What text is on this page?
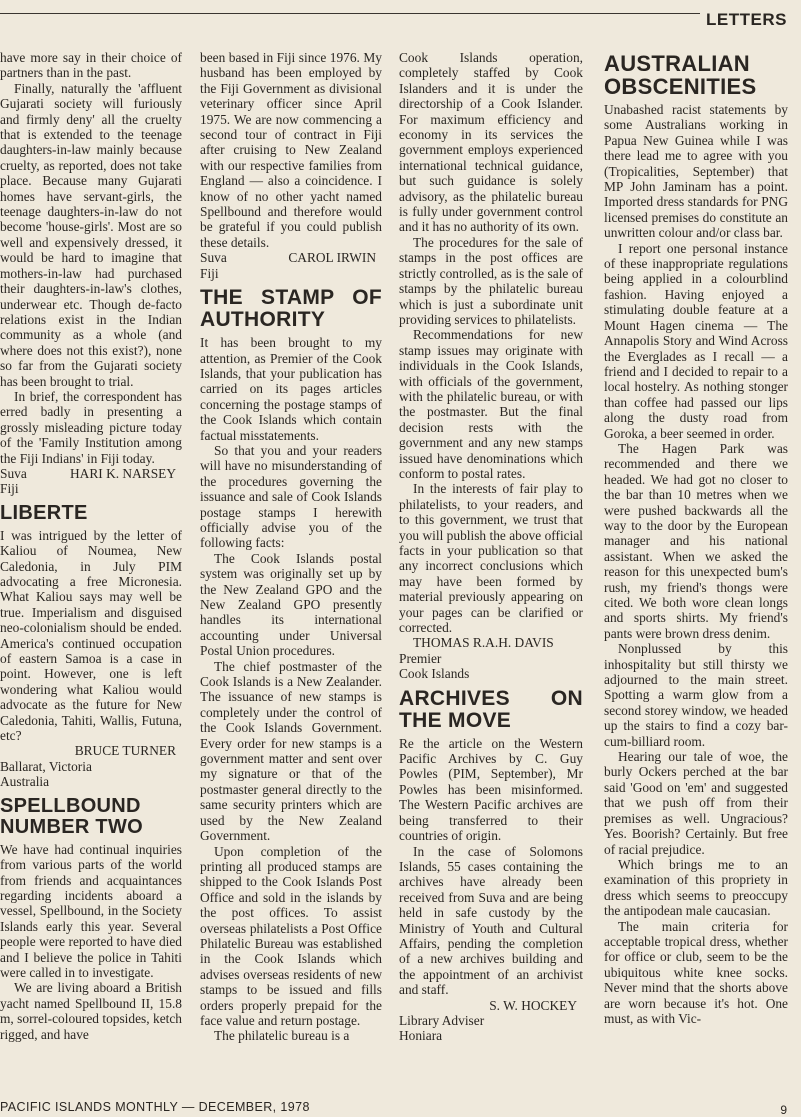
LETTERS

have more say in their choice of partners than in the past.

Finally, naturally the 'affluent Gujarati society will furiously and firmly deny' all the cruelty that is extended to the teenage daughters-in-law mainly because cruelty, as reported, does not take place. Because many Gujarati homes have servant-girls, the teenage daughters-in-law do not become 'house-girls'. Most are so well and expensively dressed, it would be hard to imagine that mothers-in-law had purchased their daughters-in-law's clothes, underwear etc. Though de-facto relations exist in the Indian community as a whole (and where does not this exist?), none so far from the Gujarati society has been brought to trial.

In brief, the correspondent has erred badly in presenting a grossly misleading picture today of the 'Family Institution among the Fiji Indians' in Fiji today.

Suva	HARI K. NARSEY
Fiji
LIBERTE

I was intrigued by the letter of Kaliou of Noumea, New Caledonia, in July PIM advocating a free Micronesia. What Kaliou says may well be true. Imperialism and disguised neo-colonialism should be ended. America's continued occupation of eastern Samoa is a case in point. However, one is left wondering what Kaliou would advocate as the future for New Caledonia, Tahiti, Wallis, Futuna, etc?

BRUCE TURNER
Ballarat, Victoria
Australia
SPELLBOUND NUMBER TWO

We have had continual inquiries from various parts of the world from friends and acquaintances regarding incidents aboard a vessel, Spellbound, in the Society Islands early this year. Several people were reported to have died and I believe the police in Tahiti were called in to investigate.

We are living aboard a British yacht named Spellbound II, 15.8 m, sorrel-coloured topsides, ketch rigged, and have

been based in Fiji since 1976. My husband has been employed by the Fiji Government as divisional veterinary officer since April 1975. We are now commencing a second tour of contract in Fiji after cruising to New Zealand with our respective families from England — also a coincidence. I know of no other yacht named Spellbound and therefore would be grateful if you could publish these details.

Suva	CAROL IRWIN
Fiji
THE STAMP OF AUTHORITY

It has been brought to my attention, as Premier of the Cook Islands, that your publication has carried on its pages articles concerning the postage stamps of the Cook Islands which contain factual misstatements.

So that you and your readers will have no misunderstanding of the procedures governing the issuance and sale of Cook Islands postage stamps I herewith officially advise you of the following facts:

The Cook Islands postal system was originally set up by the New Zealand GPO and the New Zealand GPO presently handles its international accounting under Universal Postal Union procedures.

The chief postmaster of the Cook Islands is a New Zealander. The issuance of new stamps is completely under the control of the Cook Islands Government. Every order for new stamps is a government matter and sent over my signature or that of the postmaster general directly to the same security printers which are used by the New Zealand Government.

Upon completion of the printing all produced stamps are shipped to the Cook Islands Post Office and sold in the islands by the post offices. To assist overseas philatelists a Post Office Philatelic Bureau was established in the Cook Islands which advises overseas residents of new stamps to be issued and fills orders properly prepaid for the face value and return postage.

The philatelic bureau is a

Cook Islands operation, completely staffed by Cook Islanders and it is under the directorship of a Cook Islander. For maximum efficiency and economy in its services the government employs experienced international technical guidance, but such guidance is solely advisory, as the philatelic bureau is fully under government control and it has no authority of its own.

The procedures for the sale of stamps in the post offices are strictly controlled, as is the sale of stamps by the philatelic bureau which is just a subordinate unit providing services to philatelists.

Recommendations for new stamp issues may originate with individuals in the Cook Islands, with officials of the government, with the philatelic bureau, or with the postmaster. But the final decision rests with the government and any new stamps issued have denominations which conform to postal rates.

In the interests of fair play to philatelists, to your readers, and to this government, we trust that you will publish the above official facts in your publication so that any incorrect conclusions which may have been formed by material previously appearing on your pages can be clarified or corrected.

THOMAS R.A.H. DAVIS
Premier
Cook Islands
ARCHIVES ON THE MOVE

Re the article on the Western Pacific Archives by C. Guy Powles (PIM, September), Mr Powles has been misinformed. The Western Pacific archives are being transferred to their countries of origin.

In the case of Solomons Islands, 55 cases containing the archives have already been received from Suva and are being held in safe custody by the Ministry of Youth and Cultural Affairs, pending the completion of a new archives building and the appointment of an archivist and staff.

S. W. HOCKEY
Library Adviser
Honiara
AUSTRALIAN OBSCENITIES

Unabashed racist statements by some Australians working in Papua New Guinea while I was there lead me to agree with you (Tropicalities, September) that MP John Jaminam has a point. Imported dress standards for PNG licensed premises do constitute an unwritten colour and/or class bar.

I report one personal instance of these inappropriate regulations being applied in a colourblind fashion. Having enjoyed a stimulating double feature at a Mount Hagen cinema — The Annapolis Story and Wind Across the Everglades as I recall — a friend and I decided to repair to a local hostelry. As nothing stonger than coffee had passed our lips along the dusty road from Goroka, a beer seemed in order.

The Hagen Park was recommended and there we headed. We had got no closer to the bar than 10 metres when we were pushed backwards all the way to the door by the European manager and his national assistant. When we asked the reason for this unexpected bum's rush, my friend's thongs were cited. We both wore clean longs and sports shirts. My friend's pants were brown dress denim.

Nonplussed by this inhospitality but still thirsty we adjourned to the main street. Spotting a warm glow from a second storey window, we headed up the stairs to find a cozy bar-cum-billiard room.

Hearing our tale of woe, the burly Ockers perched at the bar said 'Good on 'em' and suggested that we push off from their premises as well. Ungracious? Yes. Boorish? Certainly. But free of racial prejudice.

Which brings me to an examination of this propriety in dress which seems to preoccupy the antipodean male caucasian.

The main criteria for acceptable tropical dress, whether for office or club, seem to be the ubiquitous white knee socks. Never mind that the shorts above are worn because it's hot. One must, as with Vic-

PACIFIC ISLANDS MONTHLY — DECEMBER, 1978	9
